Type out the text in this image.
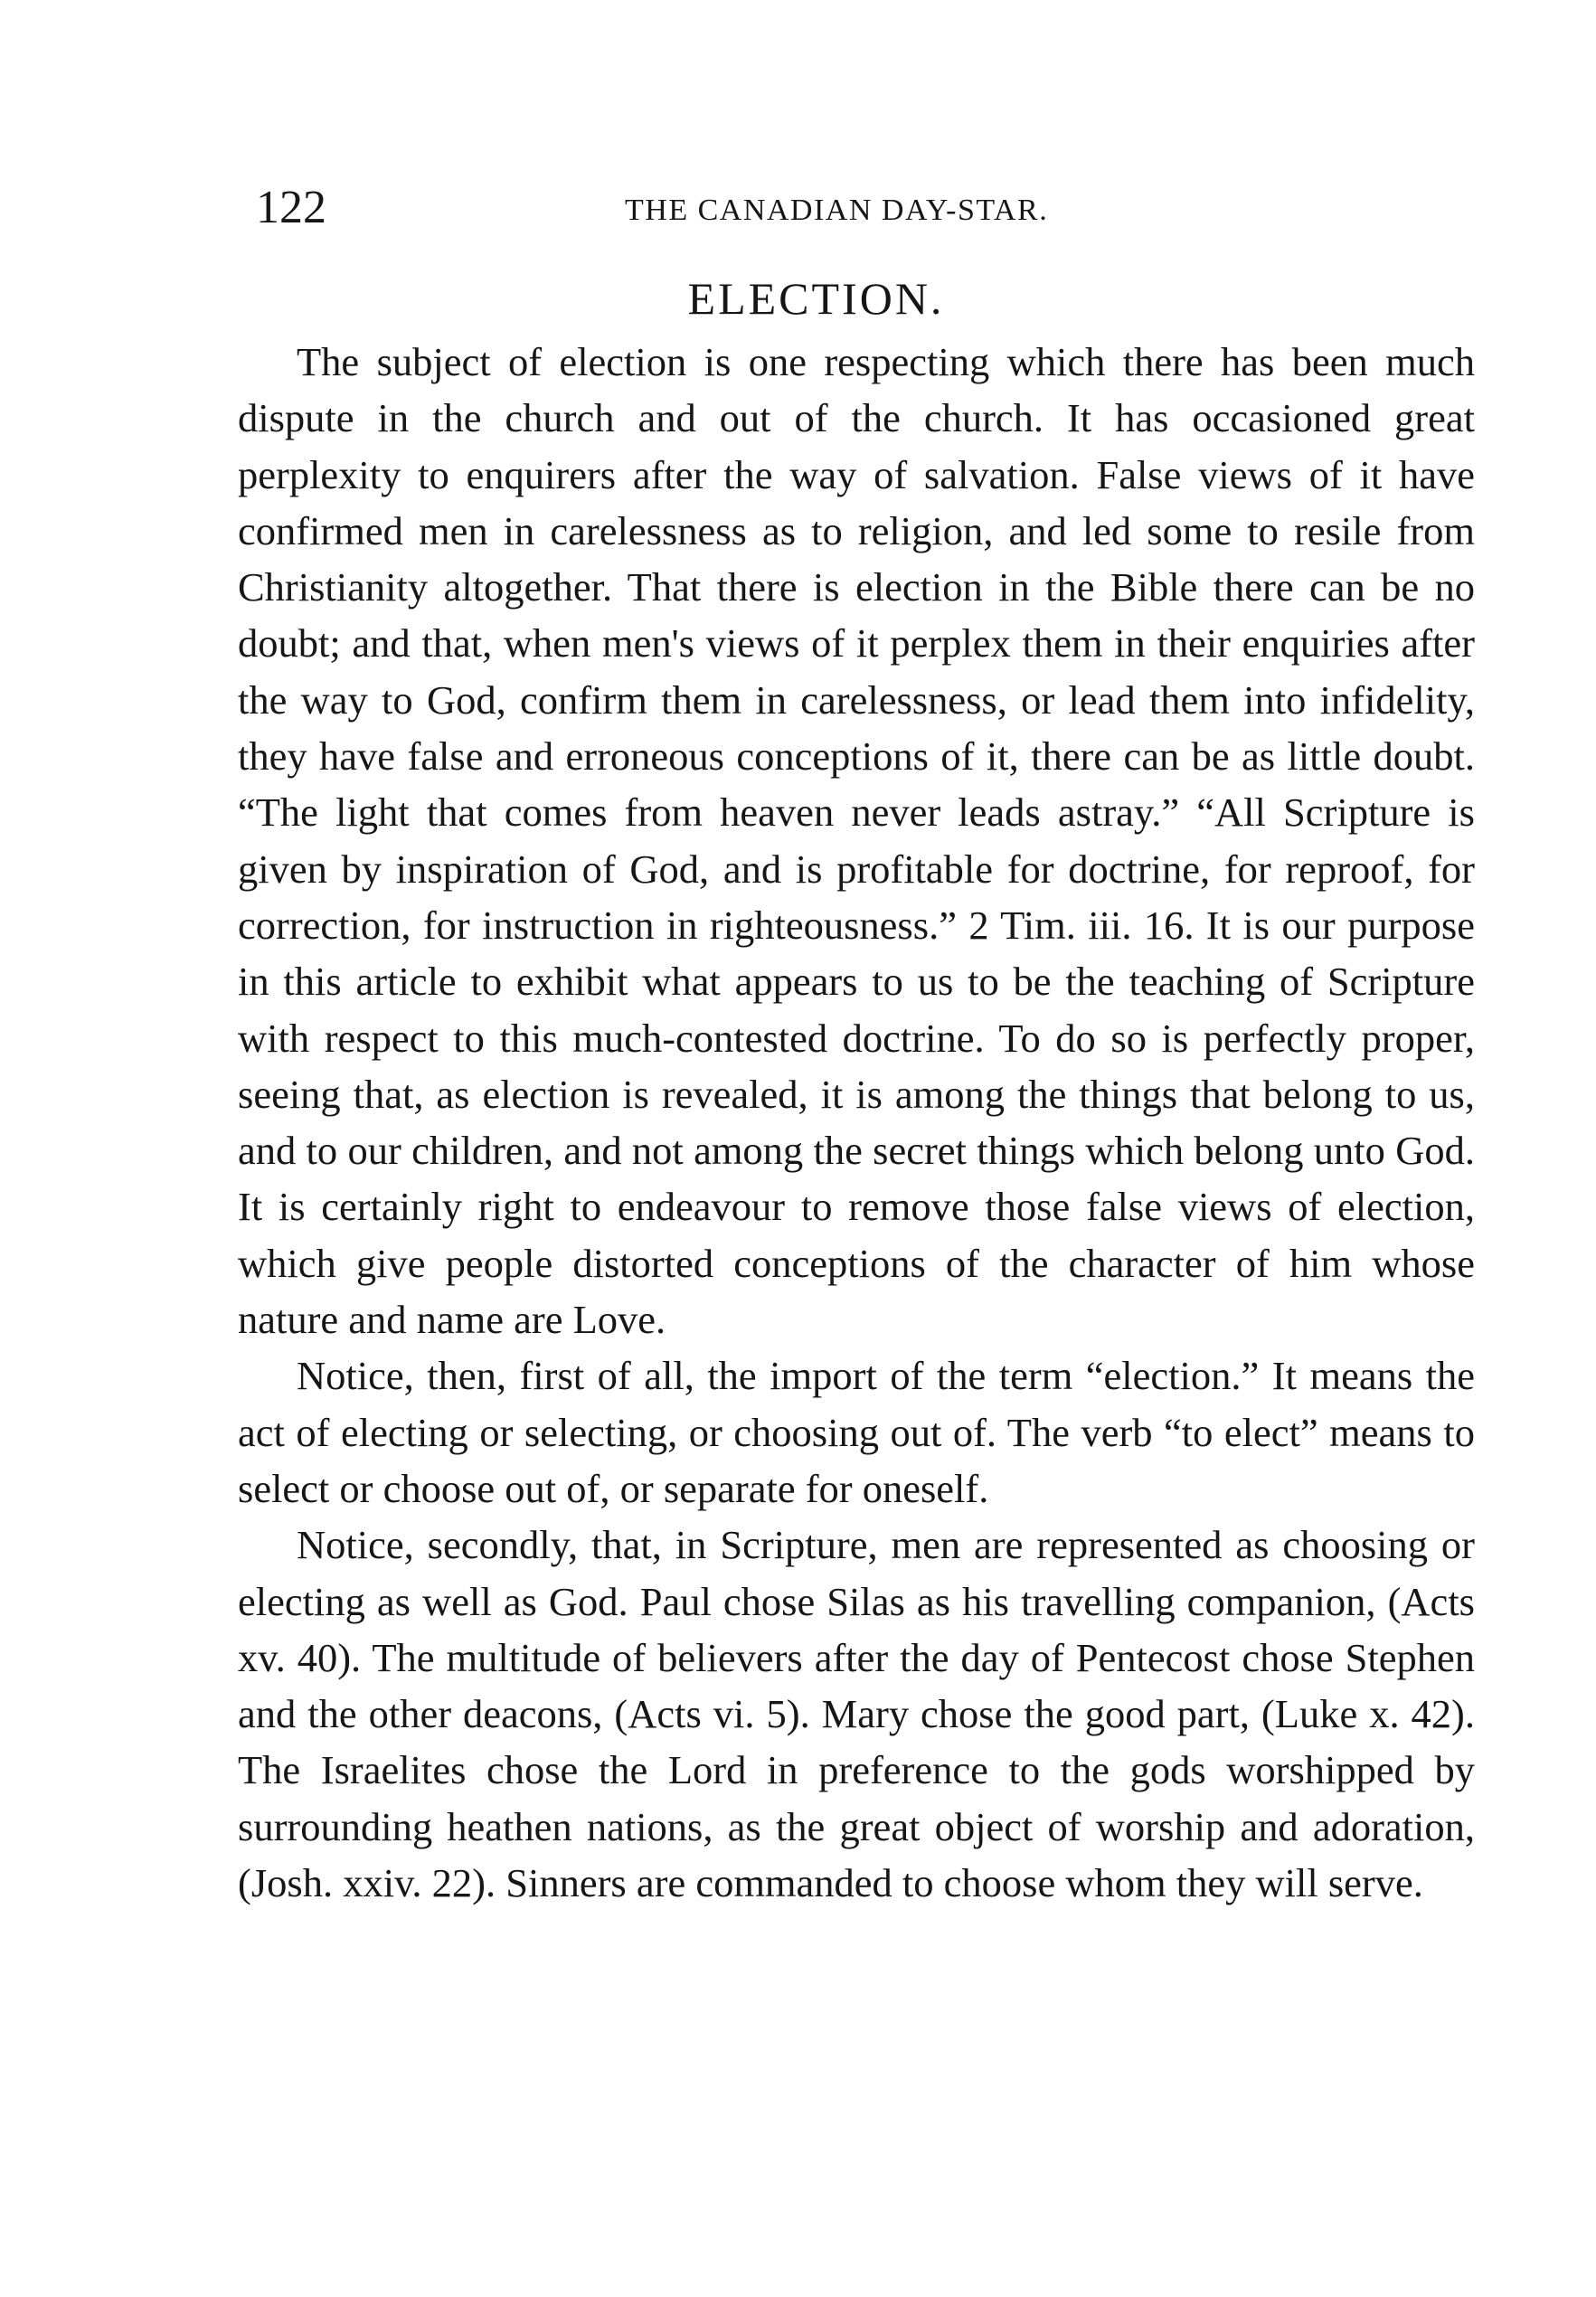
122	THE CANADIAN DAY-STAR.
ELECTION.

The subject of election is one respecting which there has been much dispute in the church and out of the church. It has occasioned great perplexity to enquirers after the way of salvation. False views of it have confirmed men in carelessness as to religion, and led some to resile from Christianity altogether. That there is election in the Bible there can be no doubt; and that, when men's views of it perplex them in their enquiries after the way to God, confirm them in carelessness, or lead them into infidelity, they have false and erroneous conceptions of it, there can be as little doubt. “The light that comes from heaven never leads astray.” “All Scripture is given by inspiration of God, and is profitable for doctrine, for reproof, for correction, for instruction in righteousness.” 2 Tim. iii. 16. It is our purpose in this article to exhibit what appears to us to be the teaching of Scripture with respect to this much-contested doctrine. To do so is perfectly proper, seeing that, as election is revealed, it is among the things that belong to us, and to our children, and not among the secret things which belong unto God. It is certainly right to endeavour to remove those false views of election, which give people distorted conceptions of the character of him whose nature and name are Love.

Notice, then, first of all, the import of the term “election.” It means the act of electing or selecting, or choosing out of. The verb “to elect” means to select or choose out of, or separate for oneself.

Notice, secondly, that, in Scripture, men are represented as choosing or electing as well as God. Paul chose Silas as his travelling companion, (Acts xv. 40). The multitude of believers after the day of Pentecost chose Stephen and the other deacons, (Acts vi. 5). Mary chose the good part, (Luke x. 42). The Israelites chose the Lord in preference to the gods worshipped by surrounding heathen nations, as the great object of worship and adoration, (Josh. xxiv. 22). Sinners are commanded to choose whom they will serve.
